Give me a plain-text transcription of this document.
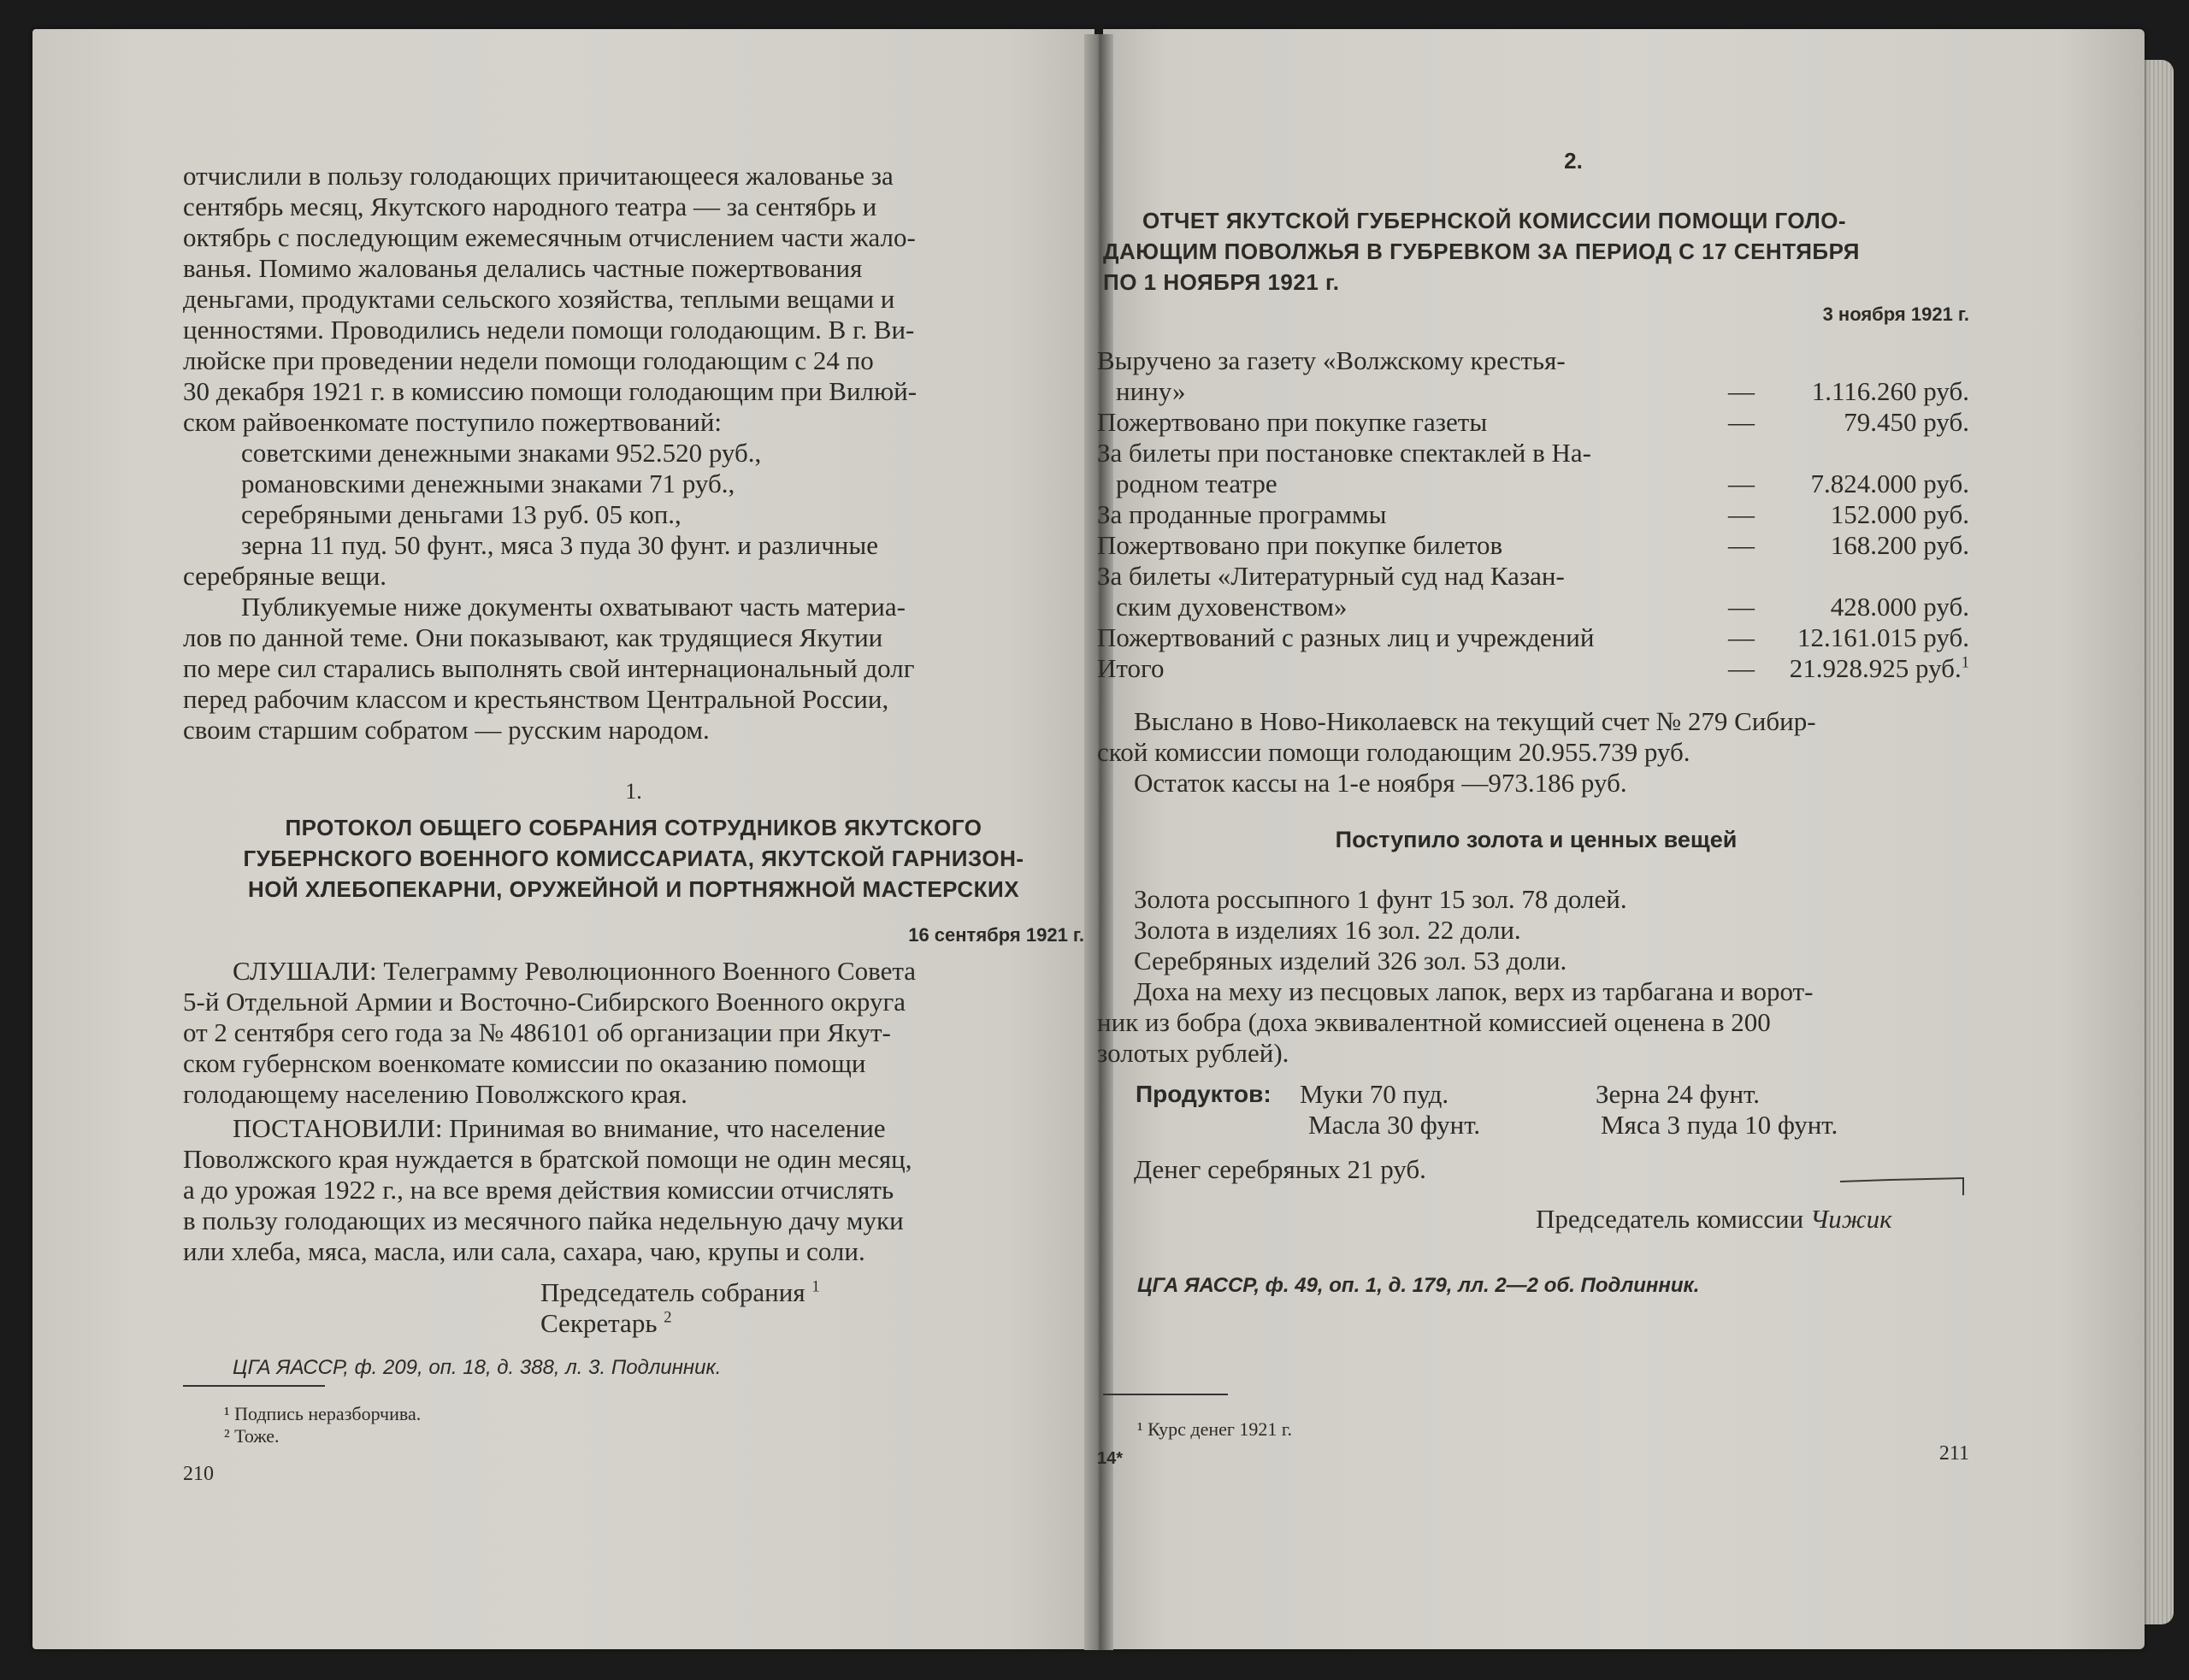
отчислили в пользу голодающих причитающееся жалованье за
сентябрь месяц, Якутского народного театра — за сентябрь и
октябрь с последующим ежемесячным отчислением части жало-
ванья. Помимо жалованья делались частные пожертвования
деньгами, продуктами сельского хозяйства, теплыми вещами и
ценностями. Проводились недели помощи голодающим. В г. Ви-
люйске при проведении недели помощи голодающим с 24 по
30 декабря 1921 г. в комиссию помощи голодающим при Вилюй-
ском райвоенкомате поступило пожертвований:
советскими денежными знаками 952.520 руб.,
романовскими денежными знаками 71 руб.,
серебряными деньгами 13 руб. 05 коп.,
зерна 11 пуд. 50 фунт., мяса 3 пуда 30 фунт. и различные
серебряные вещи.
Публикуемые ниже документы охватывают часть материа-
лов по данной теме. Они показывают, как трудящиеся Якутии
по мере сил старались выполнять свой интернациональный долг
перед рабочим классом и крестьянством Центральной России,
своим старшим собратом — русским народом.
1.
ПРОТОКОЛ ОБЩЕГО СОБРАНИЯ СОТРУДНИКОВ ЯКУТСКОГО
ГУБЕРНСКОГО ВОЕННОГО КОМИССАРИАТА, ЯКУТСКОЙ ГАРНИЗОН-
НОЙ ХЛЕБОПЕКАРНИ, ОРУЖЕЙНОЙ И ПОРТНЯЖНОЙ МАСТЕРСКИХ
16 сентября 1921 г.
СЛУШАЛИ: Телеграмму Революционного Военного Совета
5-й Отдельной Армии и Восточно-Сибирского Военного округа
от 2 сентября сего года за № 486101 об организации при Якут-
ском губернском военкомате комиссии по оказанию помощи
голодающему населению Поволжского края.
ПОСТАНОВИЛИ: Принимая во внимание, что население
Поволжского края нуждается в братской помощи не один месяц,
а до урожая 1922 г., на все время действия комиссии отчислять
в пользу голодающих из месячного пайка недельную дачу муки
или хлеба, мяса, масла, или сала, сахара, чаю, крупы и соли.
Председатель собрания $^1$
Секретарь $^2$
ЦГА ЯАССР, ф. 209, оп. 18, д. 388, л. 3. Подлинник.
¹ Подпись неразборчива.
² Тоже.
210
2.
ОТЧЕТ ЯКУТСКОЙ ГУБЕРНСКОЙ КОМИССИИ ПОМОЩИ ГОЛО-
ДАЮЩИМ ПОВОЛЖЬЯ В ГУБРЕВКОМ ЗА ПЕРИОД С 17 СЕНТЯБРЯ
ПО 1 НОЯБРЯ 1921 г.
3 ноября 1921 г.
Выручено за газету «Волжскому крестья-
нину»	— 1.116.260 руб.
Пожертвовано при покупке газеты	—	79.450 руб.
За билеты при постановке спектаклей в На-
родном театре	— 7.824.000 руб.
За проданные программы	—	152.000 руб.
Пожертвовано при покупке билетов	—	168.200 руб.
За билеты «Литературный суд над Казан-
ским духовенством»	—	428.000 руб.
Пожертвований с разных лиц и учреждений	— 12.161.015 руб.
Итого	— 21.928.925 руб.$^1$
Выслано в Ново-Николаевск на текущий счет № 279 Сибир-
ской комиссии помощи голодающим 20.955.739 руб.
Остаток кассы на 1-е ноября —973.186 руб.
Поступило золота и ценных вещей
Золота россыпного 1 фунт 15 зол. 78 долей.
Золота в изделиях 16 зол. 22 доли.
Серебряных изделий 326 зол. 53 доли.
Доха на меху из песцовых лапок, верх из тарбагана и ворот-
ник из бобра (доха эквивалентной комиссией оценена в 200
золотых рублей).
Продуктов: Муки 70 пуд.	Зерна 24 фунт.
Масла 30 фунт.	Мяса 3 пуда 10 фунт.
Денег серебряных 21 руб.
Председатель комиссии Чижик
ЦГА ЯАССР, ф. 49, оп. 1, д. 179, лл. 2—2 об. Подлинник.
¹ Курс денег 1921 г.
14*	211
